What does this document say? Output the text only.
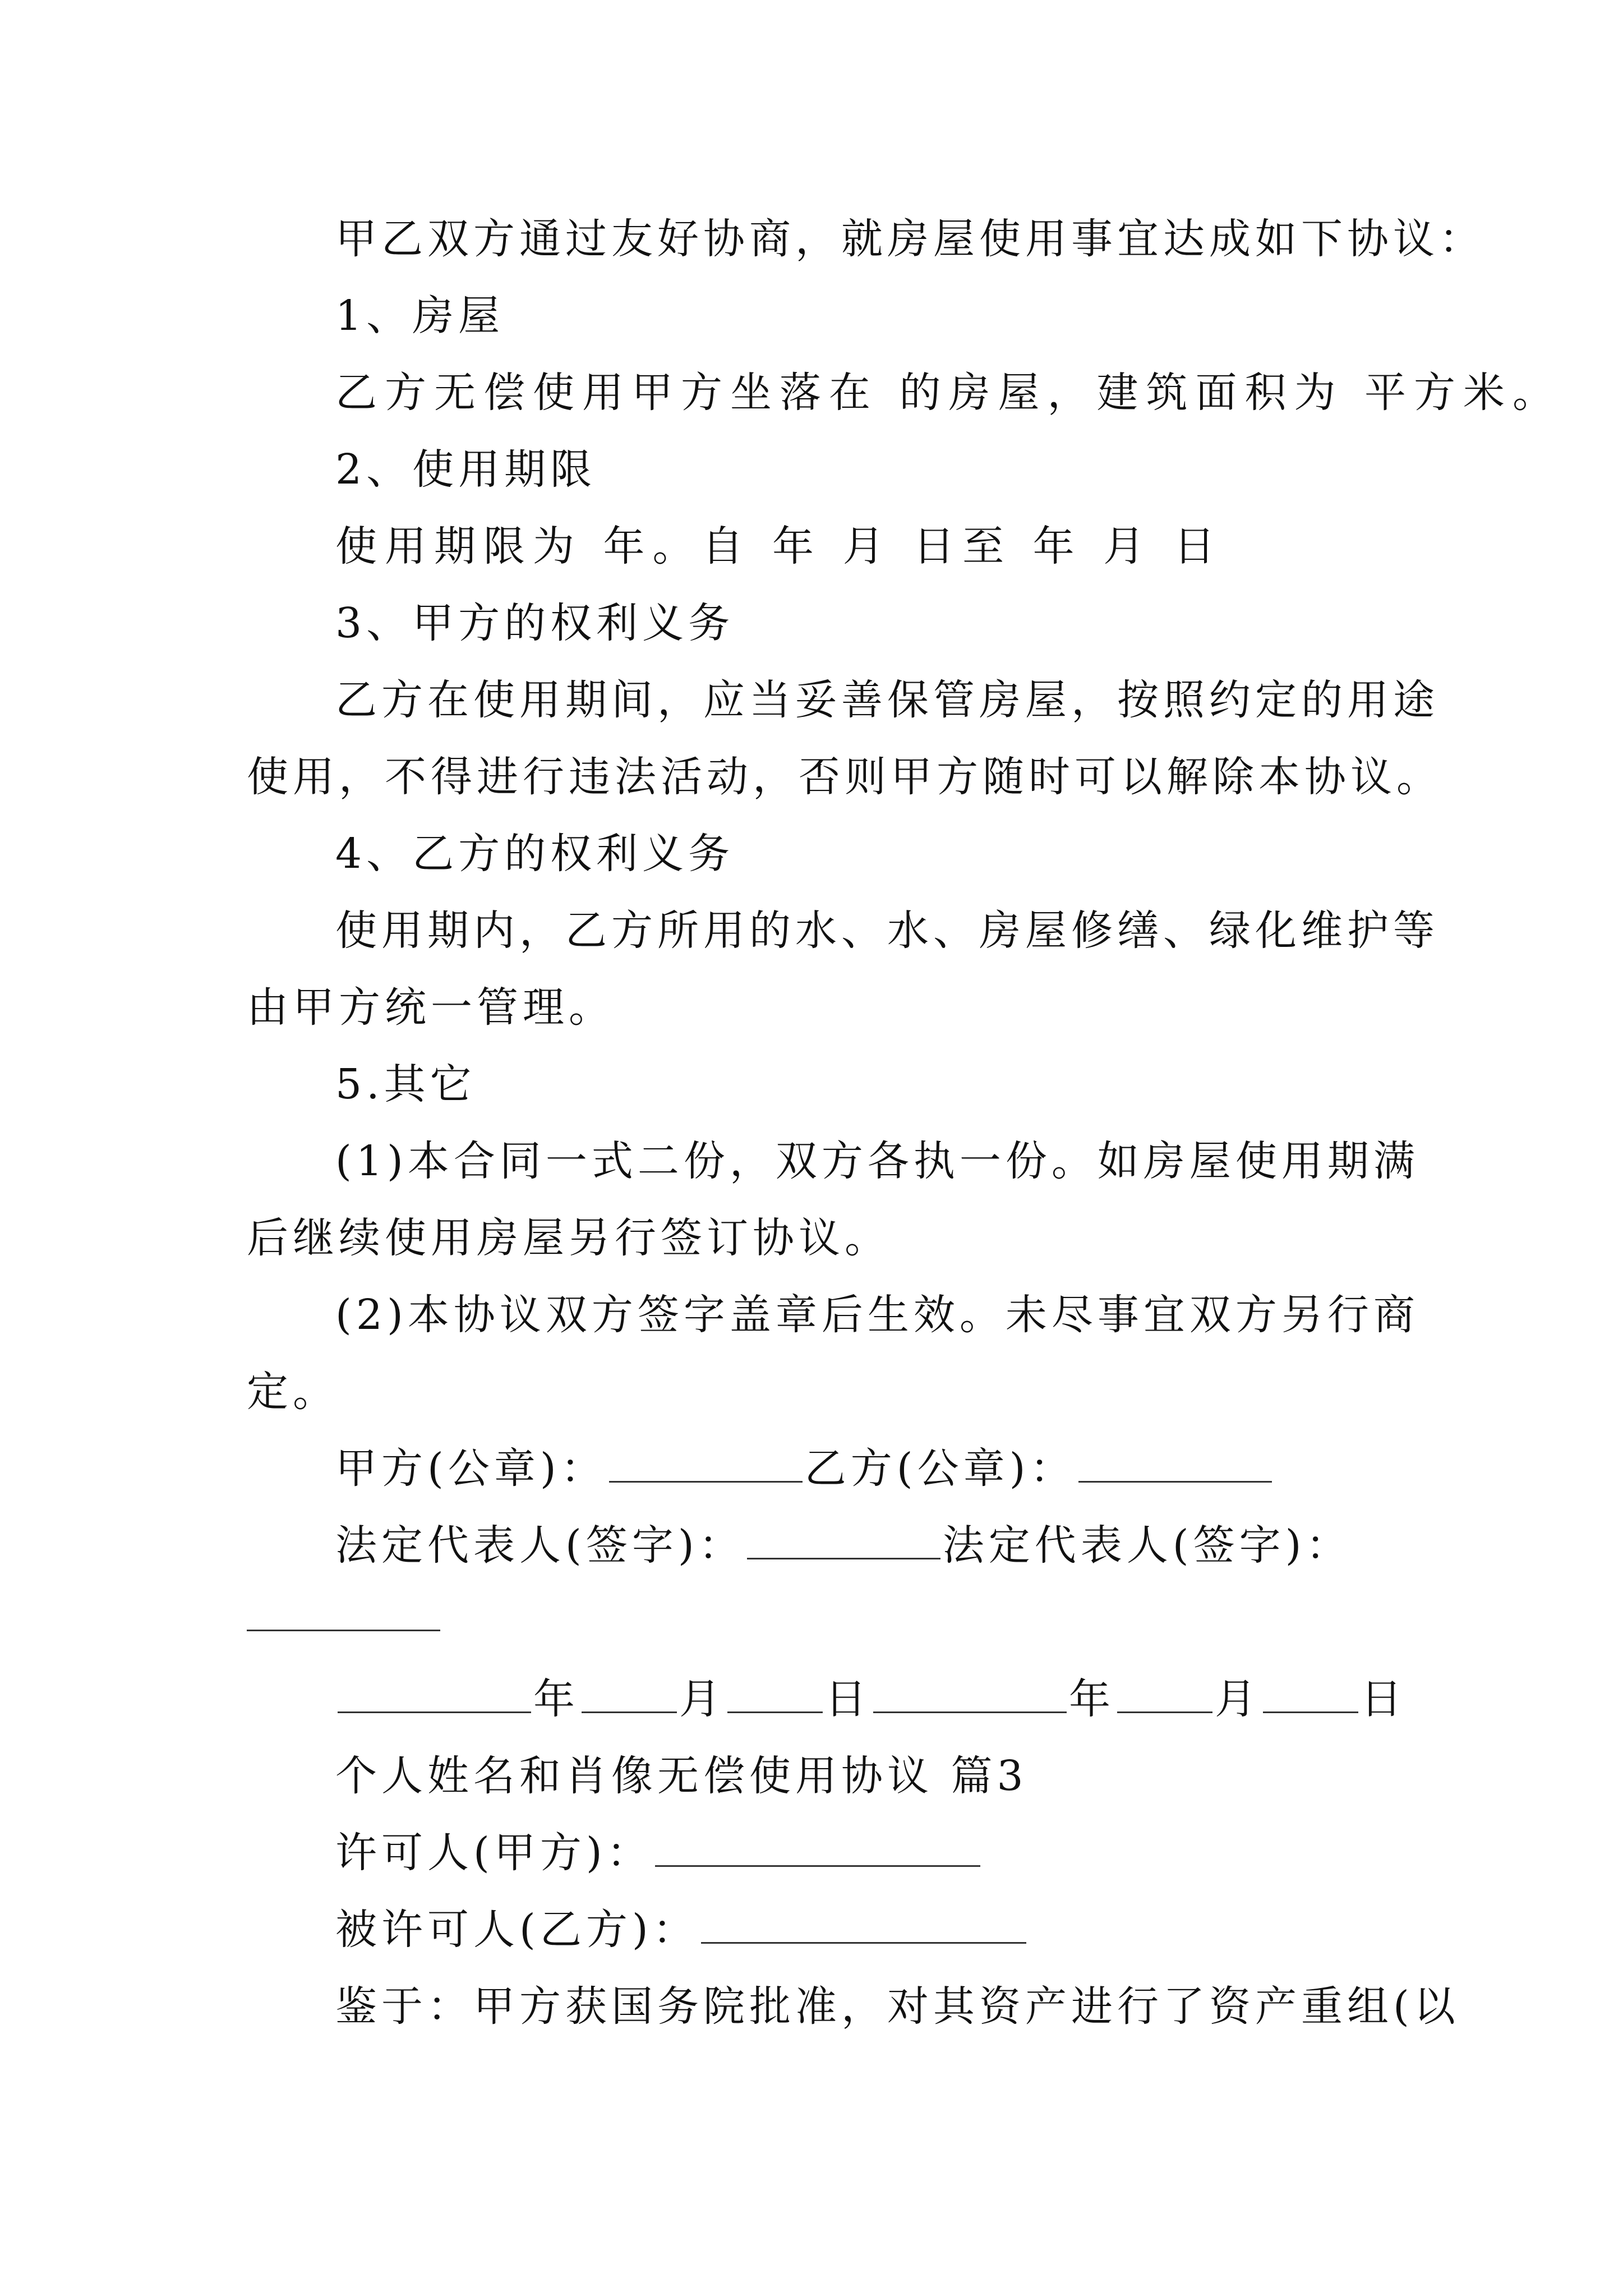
甲乙双方通过友好协商，就房屋使用事宜达成如下协议：
1、房屋
乙方无偿使用甲方坐落在 的房屋，建筑面积为 平方米。
2、使用期限
使用期限为 年。自 年 月 日至 年 月 日
3、甲方的权利义务
乙方在使用期间，应当妥善保管房屋，按照约定的用途
使用，不得进行违法活动，否则甲方随时可以解除本协议。
4、乙方的权利义务
使用期内，乙方所用的水、水、房屋修缮、绿化维护等
由甲方统一管理。
5.其它
(1)本合同一式二份，双方各执一份。如房屋使用期满
后继续使用房屋另行签订协议。
(2)本协议双方签字盖章后生效。未尽事宜双方另行商
定。
甲方(公章)：	乙方(公章)：
法定代表人(签字)：	法定代表人(签字)：
年 月 日	年 月 日
个人姓名和肖像无偿使用协议 篇3
许可人(甲方)：
被许可人(乙方)：
鉴于：甲方获国务院批准，对其资产进行了资产重组(以
